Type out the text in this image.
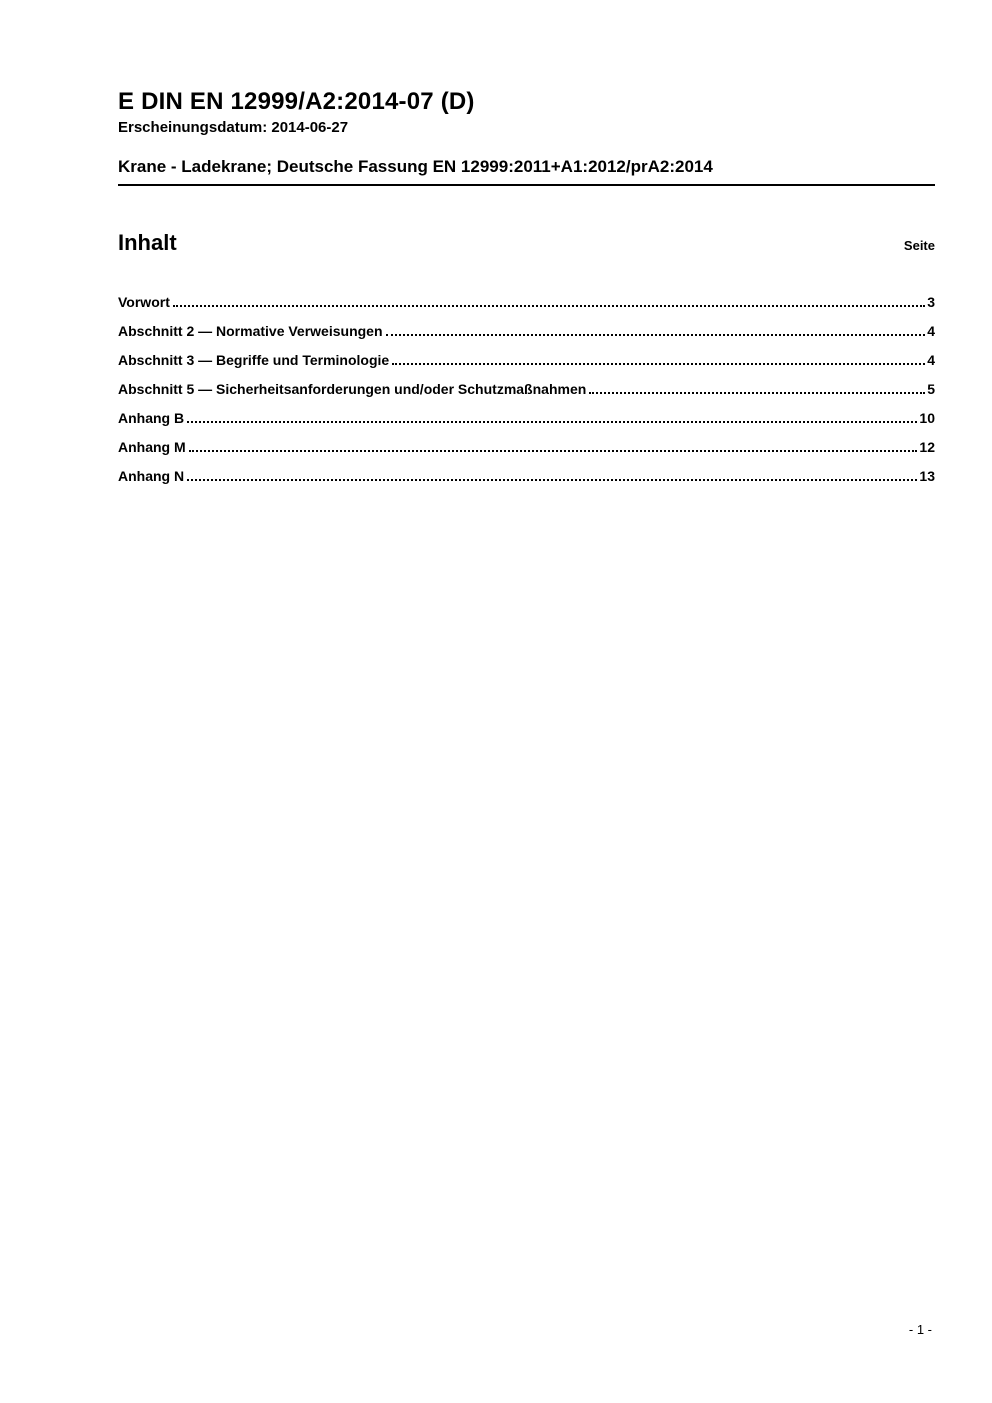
E DIN EN 12999/A2:2014-07 (D)
Erscheinungsdatum: 2014-06-27
Krane - Ladekrane; Deutsche Fassung EN 12999:2011+A1:2012/prA2:2014
Inhalt	Seite
Vorwort	3
Abschnitt 2 — Normative Verweisungen	4
Abschnitt 3 — Begriffe und Terminologie	4
Abschnitt 5 — Sicherheitsanforderungen und/oder Schutzmaßnahmen	5
Anhang B	10
Anhang M	12
Anhang N	13
- 1 -
